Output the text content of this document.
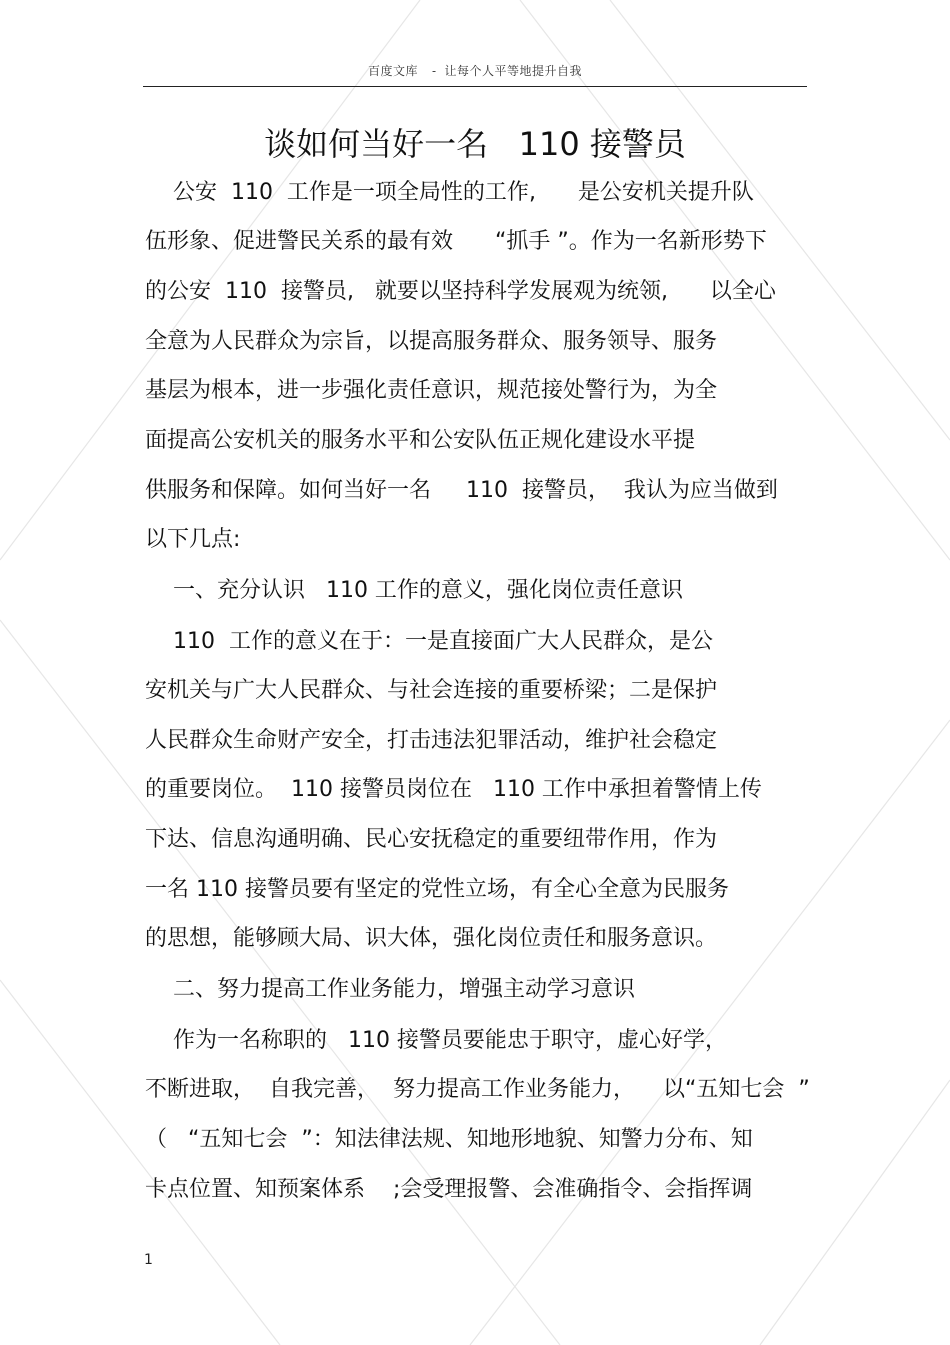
百度文库 - 让每个人平等地提升自我
谈如何当好一名   110 接警员
公安  110  工作是一项全局性的工作,      是公安机关提升队
伍形象、促进警民关系的最有效      “抓手 ”。作为一名新形势下
的公安  110  接警员,   就要以坚持科学发展观为统领,      以全心
全意为人民群众为宗旨，以提高服务群众、服务领导、服务
基层为根本，进一步强化责任意识，规范接处警行为，为全
面提高公安机关的服务水平和公安队伍正规化建设水平提
供服务和保障。如何当好一名     110  接警员，  我认为应当做到
以下几点:
一、充分认识   110 工作的意义，强化岗位责任意识
110  工作的意义在于：一是直接面广大人民群众，是公
安机关与广大人民群众、与社会连接的重要桥梁；二是保护
人民群众生命财产安全，打击违法犯罪活动，维护社会稳定
的重要岗位。  110 接警员岗位在   110 工作中承担着警情上传
下达、信息沟通明确、民心安抚稳定的重要纽带作用，作为
一名 110 接警员要有坚定的党性立场，有全心全意为民服务
的思想，能够顾大局、识大体，强化岗位责任和服务意识。
二、努力提高工作业务能力，增强主动学习意识
作为一名称职的   110 接警员要能忠于职守，虚心好学，
不断进取，  自我完善，  努力提高工作业务能力，    以“五知七会  ”
（   “五知七会  ”：知法律法规、知地形地貌、知警力分布、知
卡点位置、知预案体系    ;会受理报警、会准确指令、会指挥调
1
